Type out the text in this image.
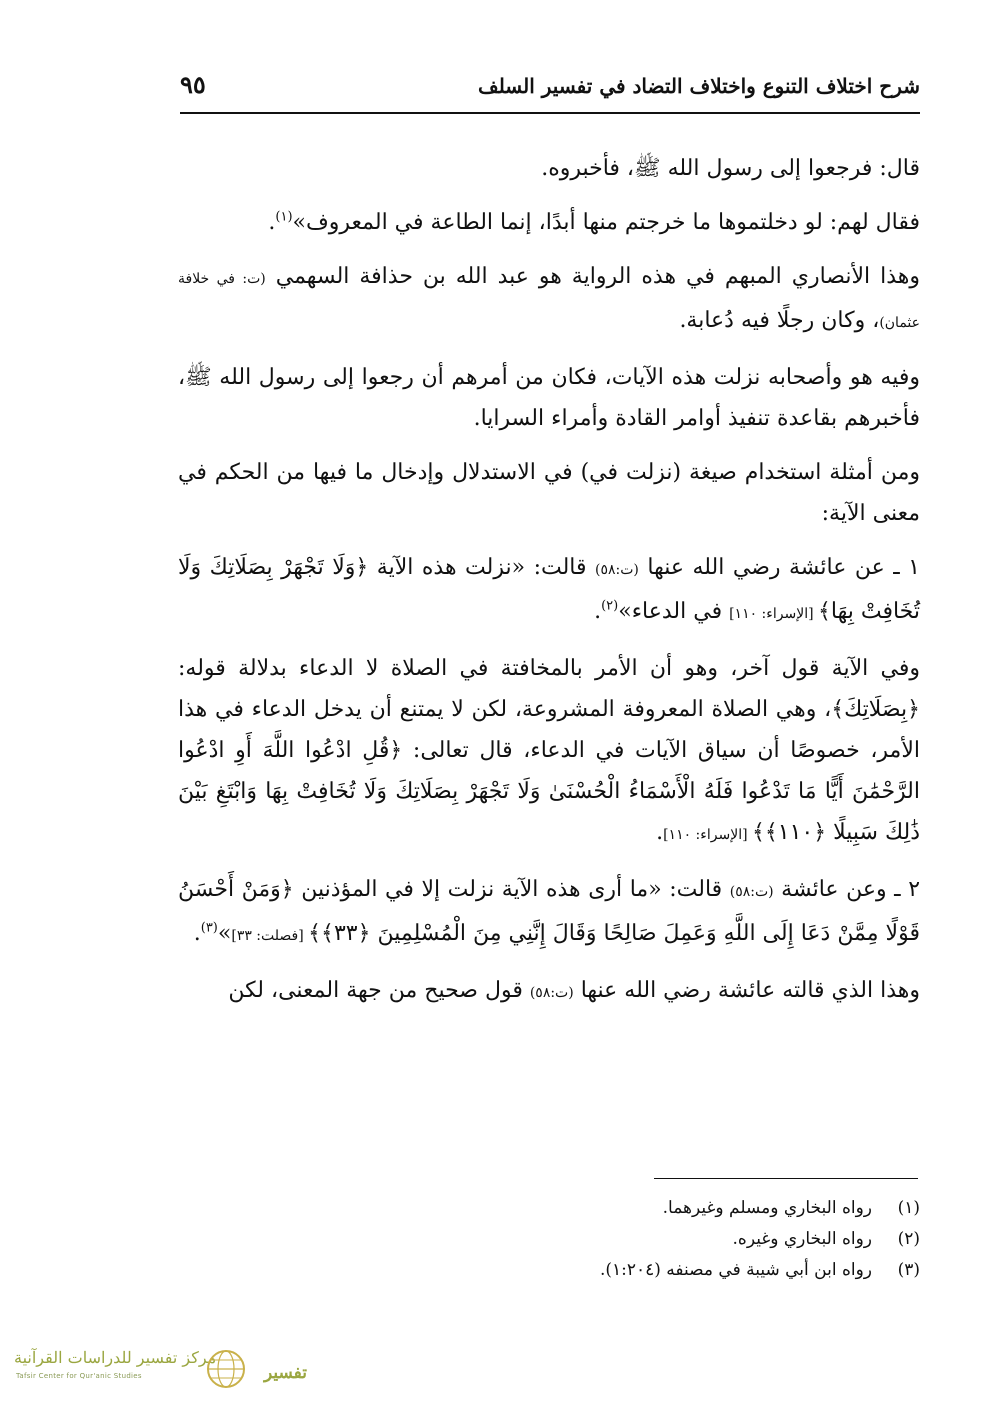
شرح اختلاف التنوع واختلاف التضاد في تفسير السلف
٩٥

قال: فرجعوا إلى رسول الله ﷺ، فأخبروه.

فقال لهم: لو دخلتموها ما خرجتم منها أبدًا، إنما الطاعة في المعروف»$^{(١)}$.

وهذا الأنصاري المبهم في هذه الرواية هو عبد الله بن حذافة السهمي (ت: في خلافة عثمان)، وكان رجلًا فيه دُعابة.

وفيه هو وأصحابه نزلت هذه الآيات، فكان من أمرهم أن رجعوا إلى رسول الله ﷺ، فأخبرهم بقاعدة تنفيذ أوامر القادة وأمراء السرايا.

ومن أمثلة استخدام صيغة (نزلت في) في الاستدلال وإدخال ما فيها من الحكم في معنى الآية:

١ ـ عن عائشة رضي الله عنها (ت:٥٨) قالت: «نزلت هذه الآية ﴿وَلَا تَجْهَرْ بِصَلَاتِكَ وَلَا تُخَافِتْ بِهَا﴾ [الإسراء: ١١٠] في الدعاء»$^{(٢)}$.

وفي الآية قول آخر، وهو أن الأمر بالمخافتة في الصلاة لا الدعاء بدلالة قوله: ﴿بِصَلَاتِكَ﴾، وهي الصلاة المعروفة المشروعة، لكن لا يمتنع أن يدخل الدعاء في هذا الأمر، خصوصًا أن سياق الآيات في الدعاء، قال تعالى: ﴿قُلِ ادْعُوا اللَّهَ أَوِ ادْعُوا الرَّحْمَٰنَ أَيًّا مَا تَدْعُوا فَلَهُ الْأَسْمَاءُ الْحُسْنَىٰ وَلَا تَجْهَرْ بِصَلَاتِكَ وَلَا تُخَافِتْ بِهَا وَابْتَغِ بَيْنَ ذَٰلِكَ سَبِيلًا ﴿١١٠﴾﴾ [الإسراء: ١١٠].

٢ ـ وعن عائشة (ت:٥٨) قالت: «ما أرى هذه الآية نزلت إلا في المؤذنين ﴿وَمَنْ أَحْسَنُ قَوْلًا مِمَّنْ دَعَا إِلَى اللَّهِ وَعَمِلَ صَالِحًا وَقَالَ إِنَّنِي مِنَ الْمُسْلِمِينَ ﴿٣٣﴾﴾ [فصلت: ٣٣]»$^{(٣)}$.

وهذا الذي قالته عائشة رضي الله عنها (ت:٥٨) قول صحيح من جهة المعنى، لكن

(١)رواه البخاري ومسلم وغيرهما.
(٢)رواه البخاري وغيره.
(٣)رواه ابن أبي شيبة في مصنفه (١:٢٠٤).
مركز تفسير للدراسات القرآنية
Tafsir Center for Qur'anic Studies	تفسير
